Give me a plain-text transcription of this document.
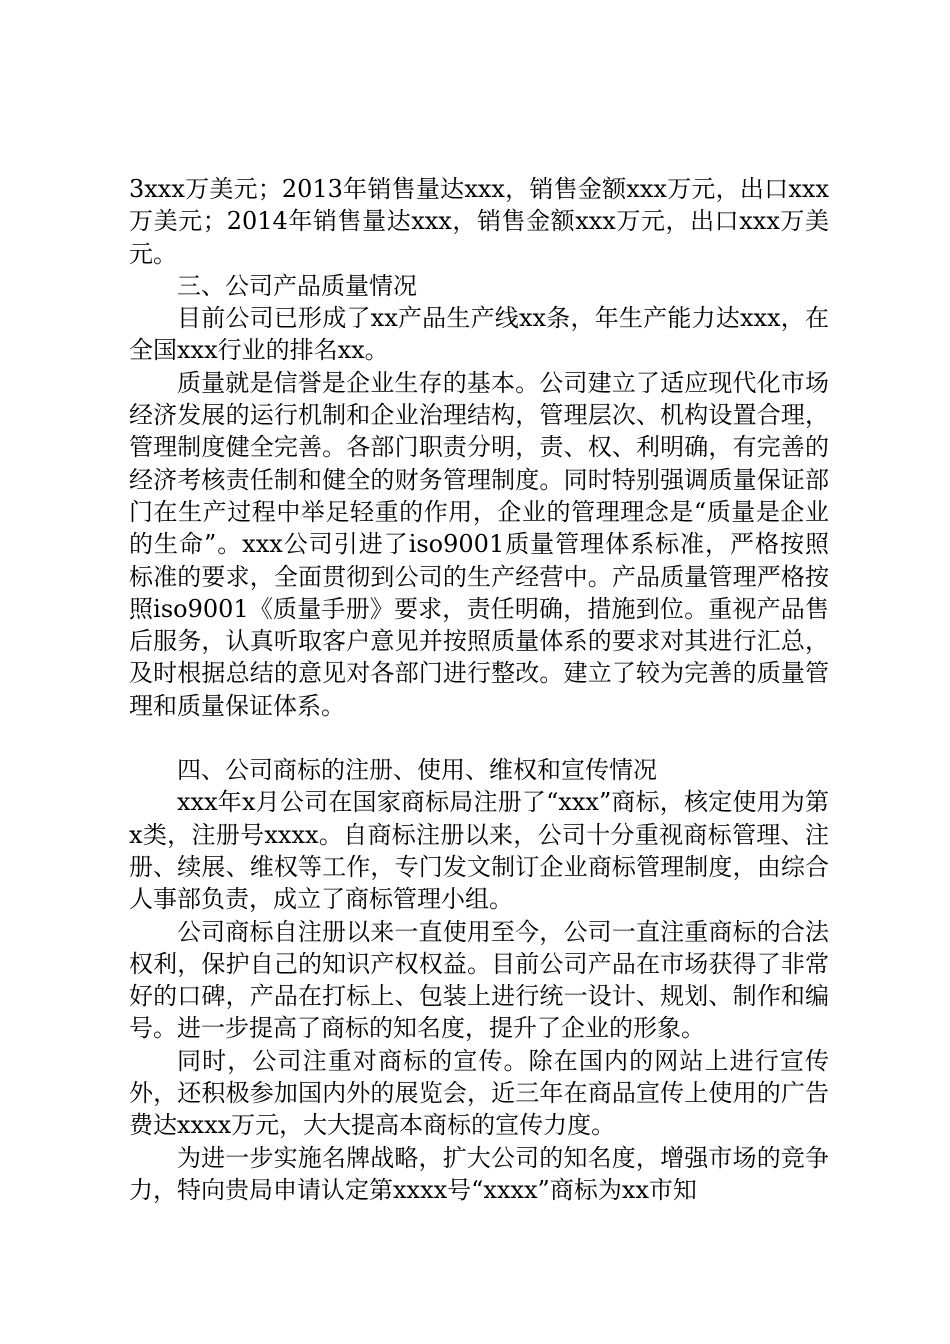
3xxx万美元；2013年销售量达xxx，销售金额xxx万元，出口xxx万美元；2014年销售量达xxx，销售金额xxx万元，出口xxx万美元。

三、公司产品质量情况

目前公司已形成了xx产品生产线xx条，年生产能力达xxx，在全国xxx行业的排名xx。

质量就是信誉是企业生存的基本。公司建立了适应现代化市场经济发展的运行机制和企业治理结构，管理层次、机构设置合理，管理制度健全完善。各部门职责分明，责、权、利明确，有完善的经济考核责任制和健全的财务管理制度。同时特别强调质量保证部门在生产过程中举足轻重的作用，企业的管理理念是“质量是企业的生命”。xxx公司引进了iso9001质量管理体系标准，严格按照标准的要求，全面贯彻到公司的生产经营中。产品质量管理严格按照iso9001《质量手册》要求，责任明确，措施到位。重视产品售后服务，认真听取客户意见并按照质量体系的要求对其进行汇总，及时根据总结的意见对各部门进行整改。建立了较为完善的质量管理和质量保证体系。

四、公司商标的注册、使用、维权和宣传情况

xxx年x月公司在国家商标局注册了“xxx”商标，核定使用为第x类，注册号xxxx。自商标注册以来，公司十分重视商标管理、注册、续展、维权等工作，专门发文制订企业商标管理制度，由综合人事部负责，成立了商标管理小组。

公司商标自注册以来一直使用至今，公司一直注重商标的合法权利，保护自己的知识产权权益。目前公司产品在市场获得了非常好的口碑，产品在打标上、包装上进行统一设计、规划、制作和编号。进一步提高了商标的知名度，提升了企业的形象。

同时，公司注重对商标的宣传。除在国内的网站上进行宣传外，还积极参加国内外的展览会，近三年在商品宣传上使用的广告费达xxxx万元，大大提高本商标的宣传力度。

为进一步实施名牌战略，扩大公司的知名度，增强市场的竞争力，特向贵局申请认定第xxxx号“xxxx”商标为xx市知
